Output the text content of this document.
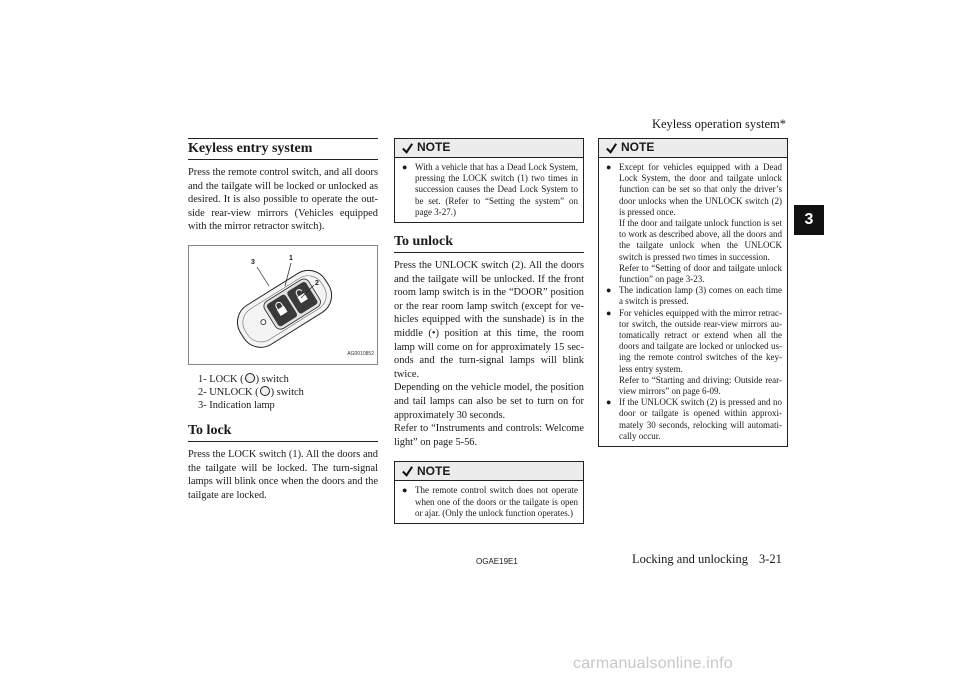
Keyless operation system*
3
Keyless entry system

Press the remote control switch, and all doors and the tailgate will be locked or unlocked as desired. It is also possible to operate the out-side rear-view mirrors (Vehicles equipped with the mirror retractor switch).

3
1
2
AG0010852
1- LOCK ( ) switch
2- UNLOCK ( ) switch
3- Indication lamp
To lock

Press the LOCK switch (1). All the doors and the tailgate will be locked. The turn-signal lamps will blink once when the doors and the tailgate are locked.

NOTE
● With a vehicle that has a Dead Lock System, pressing the LOCK switch (1) two times in succession causes the Dead Lock System to be set. (Refer to “Setting the system” on page 3-27.)

To unlock

Press the UNLOCK switch (2). All the doors and the tailgate will be unlocked. If the front room lamp switch is in the “DOOR” position or the rear room lamp switch (except for ve-hicles equipped with the sunshade) is in the middle (•) position at this time, the room lamp will come on for approximately 15 sec-onds and the turn-signal lamps will blink twice.

Depending on the vehicle model, the position and tail lamps can also be set to turn on for approximately 30 seconds.

Refer to “Instruments and controls: Welcome light” on page 5-56.

NOTE
● The remote control switch does not operate when one of the doors or the tailgate is open or ajar. (Only the unlock function operates.)

NOTE
● Except for vehicles equipped with a Dead Lock System, the door and tailgate unlock function can be set so that only the driver’s door unlocks when the UNLOCK switch (2) is pressed once.

If the door and tailgate unlock function is set to work as described above, all the doors and the tailgate unlock when the UNLOCK switch is pressed two times in succession.

Refer to “Setting of door and tailgate unlock function” on page 3-23.

● The indication lamp (3) comes on each time a switch is pressed.

● For vehicles equipped with the mirror retrac-tor switch, the outside rear-view mirrors au-tomatically retract or extend when all the doors and tailgate are locked or unlocked us-ing the remote control switches of the key-less entry system.

Refer to “Starting and driving: Outside rear-view mirrors” on page 6-09.

● If the UNLOCK switch (2) is pressed and no door or tailgate is opened within approxi-mately 30 seconds, relocking will automati-cally occur.

OGAE19E1	Locking and unlocking 3-21
carmanualsonline.info
